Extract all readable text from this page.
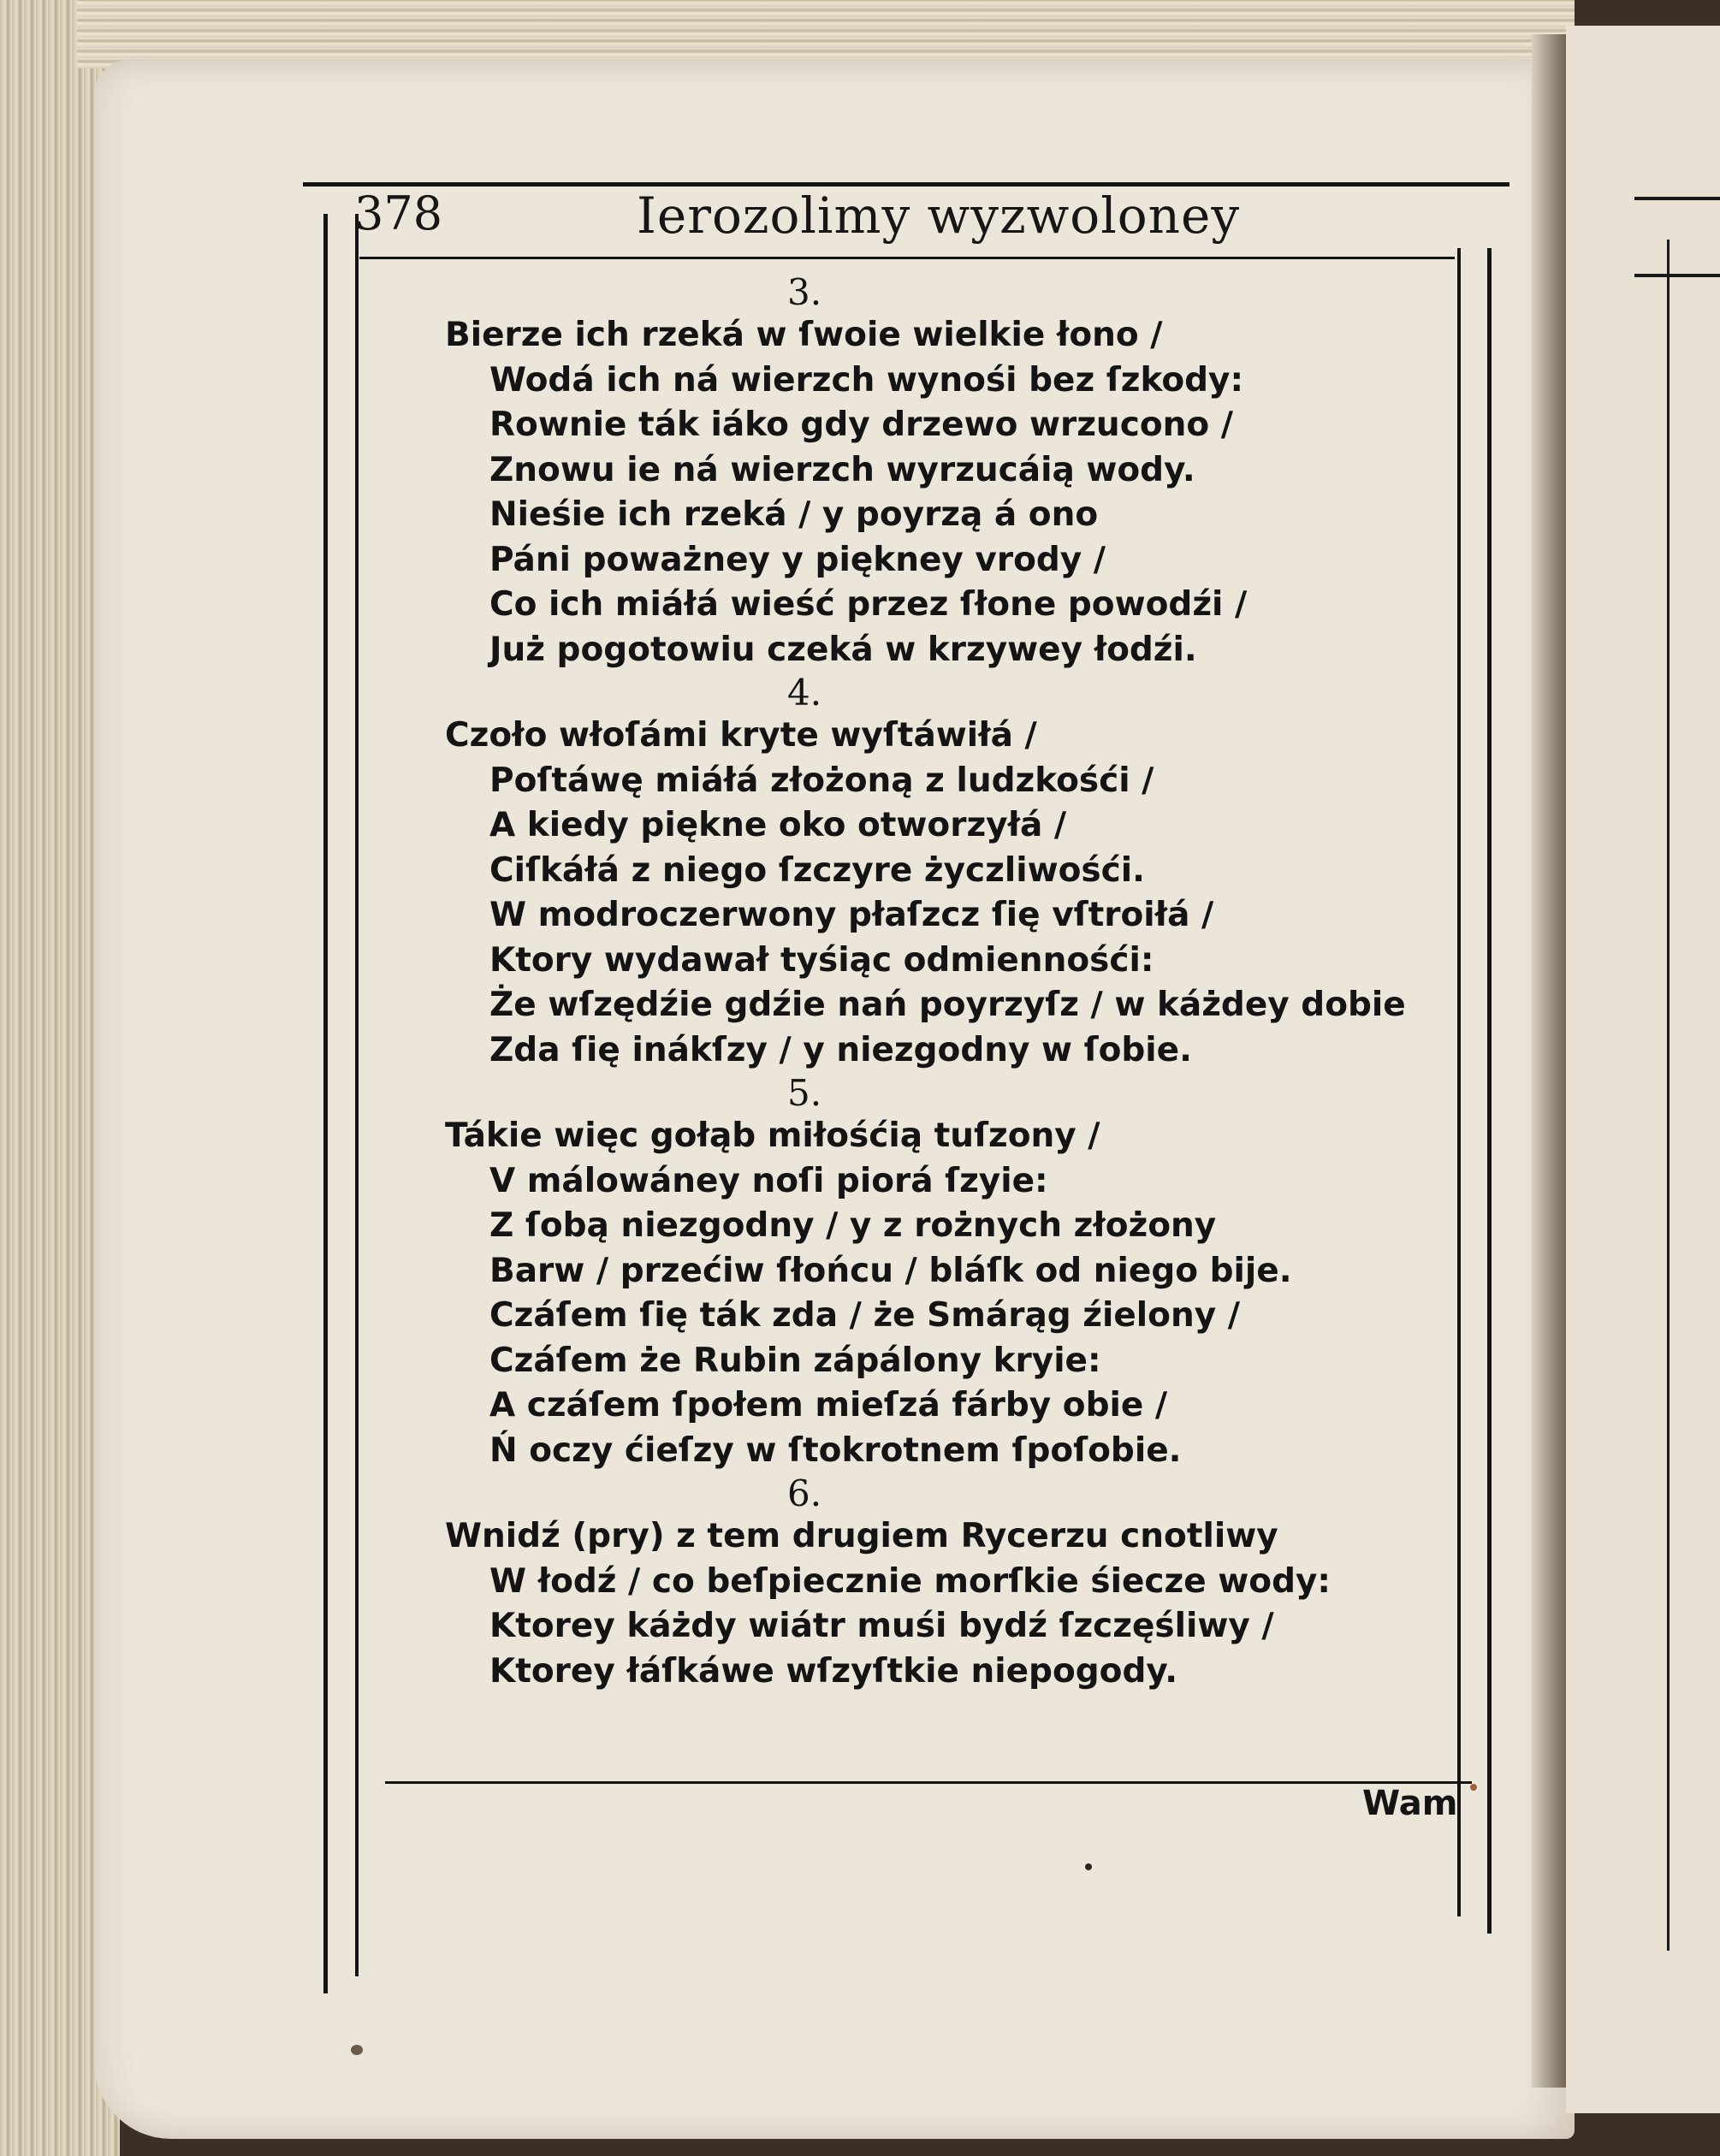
378	Ierozolimy wyzwoloney
3.
Bierze ich rzeká w ſwoie wielkie łono /
Wodá ich ná wierzch wynośi bez ſzkody:
Rownie ták iáko gdy drzewo wrzucono /
Znowu ie ná wierzch wyrzucáią wody.
Nieśie ich rzeká / y poyrzą á ono
Páni poważney y piękney vrody /
Co ich miáłá wieść przez ſłone powodźi /
Już pogotowiu czeká w krzywey łodźi.
4.
Czoło włoſámi kryte wyſtáwiłá /
Poſtáwę miáłá złożoną z ludzkośći /
A kiedy piękne oko otworzyłá /
Ciſkáłá z niego ſzczyre życzliwośći.
W modroczerwony płaſzcz ſię vſtroiłá /
Ktory wydawał tyśiąc odmiennośći:
Że wſzędźie gdźie nań poyrzyſz / w káżdey dobie
Zda ſię inákſzy / y niezgodny w ſobie.
5.
Tákie więc gołąb miłośćią tuſzony /
V málowáney noſi piorá ſzyie:
Z ſobą niezgodny / y z rożnych złożony
Barw / przećiw ſłońcu / bláſk od niego bije.
Czáſem ſię ták zda / że Smárąg źielony /
Czáſem że Rubin zápálony kryie:
A czáſem ſpołem mieſzá fárby obie /
Ń oczy ćieſzy w ſtokrotnem ſpoſobie.
6.
Wnidź (pry) z tem drugiem Rycerzu cnotliwy
W łodź / co beſpiecznie morſkie śiecze wody:
Ktorey káżdy wiátr muśi bydź ſzczęśliwy /
Ktorey łáſkáwe wſzyſtkie niepogody.
Wam
